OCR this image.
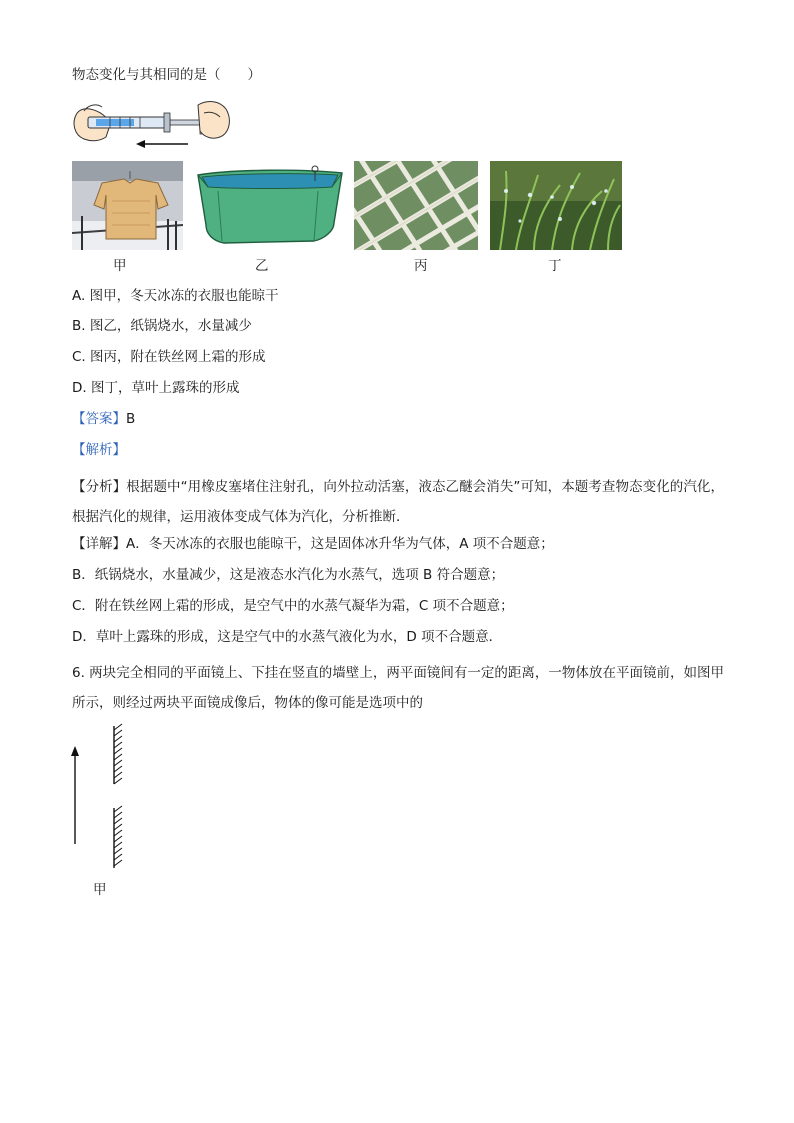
物态变化与其相同的是（　　）
甲	乙	丙	丁
A. 图甲，冬天冰冻的衣服也能晾干
B. 图乙，纸锅烧水，水量减少
C. 图丙，附在铁丝网上霜的形成
D. 图丁，草叶上露珠的形成
【答案】B
【解析】
【分析】根据题中“用橡皮塞堵住注射孔，向外拉动活塞，液态乙醚会消失”可知，本题考查物态变化的汽化，根据汽化的规律，运用液体变成气体为汽化，分析推断．
【详解】A．冬天冰冻的衣服也能晾干，这是固体冰升华为气体，A 项不合题意；
B．纸锅烧水，水量减少，这是液态水汽化为水蒸气，选项 B 符合题意；
C．附在铁丝网上霜的形成，是空气中的水蒸气凝华为霜，C 项不合题意；
D．草叶上露珠的形成，这是空气中的水蒸气液化为水，D 项不合题意．
6. 两块完全相同的平面镜上、下挂在竖直的墙壁上，两平面镜间有一定的距离，一物体放在平面镜前，如图甲所示，则经过两块平面镜成像后，物体的像可能是选项中的
甲
